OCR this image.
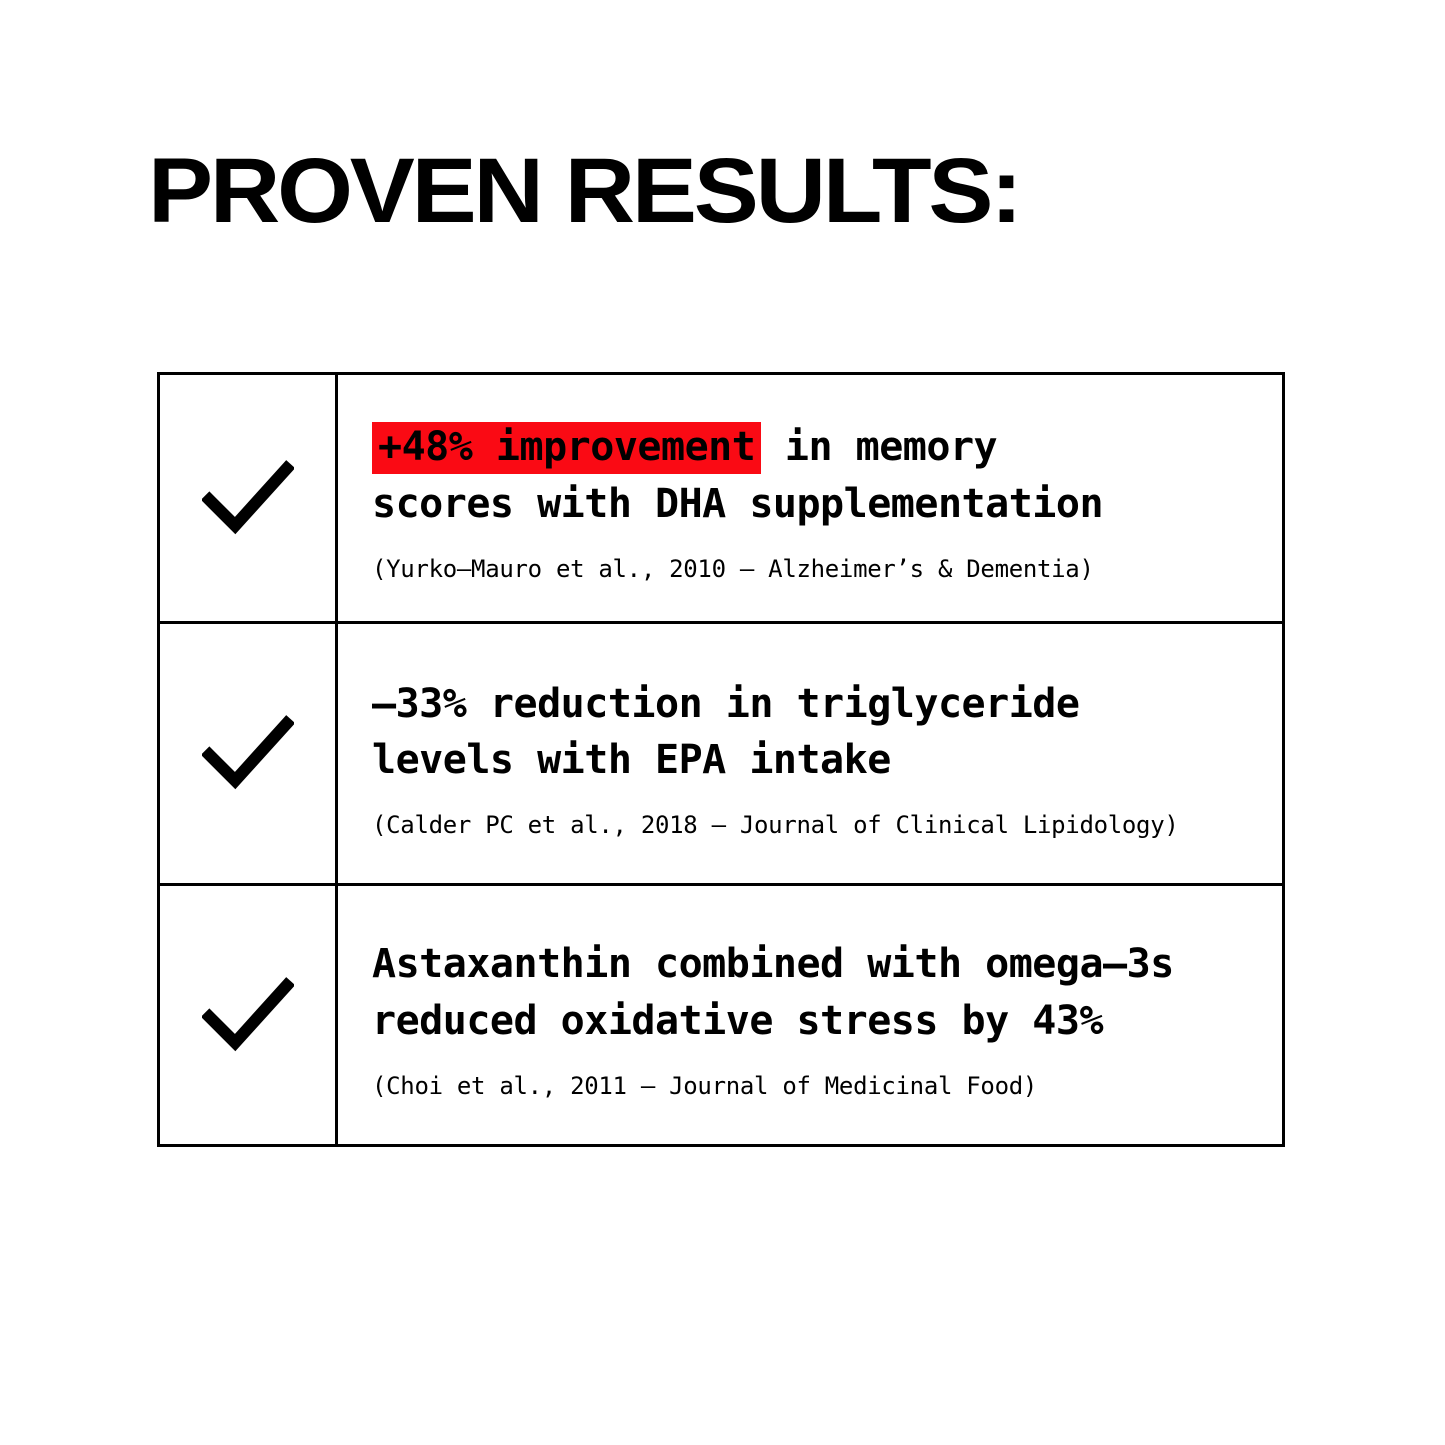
PROVEN RESULTS:
+48% improvement in memory
scores with DHA supplementation
(Yurko–Mauro et al., 2010 – Alzheimer’s & Dementia)
–33% reduction in triglyceride
levels with EPA intake
(Calder PC et al., 2018 – Journal of Clinical Lipidology)
Astaxanthin combined with omega–3s
reduced oxidative stress by 43%
(Choi et al., 2011 – Journal of Medicinal Food)
